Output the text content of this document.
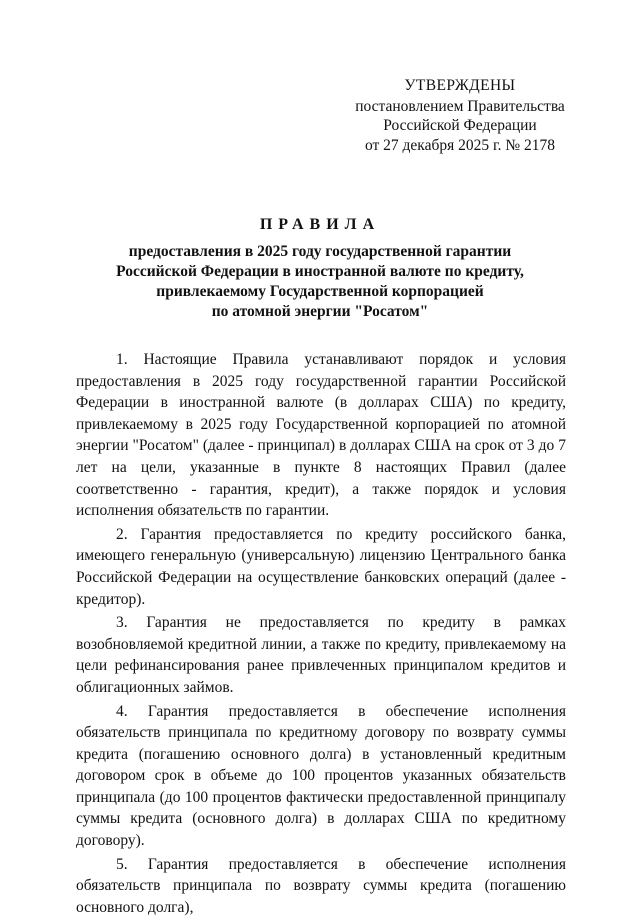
УТВЕРЖДЕНЫ
постановлением Правительства
Российской Федерации
от 27 декабря 2025 г. № 2178
ПРАВИЛА
предоставления в 2025 году государственной гарантии
Российской Федерации в иностранной валюте по кредиту,
привлекаемому Государственной корпорацией
по атомной энергии "Росатом"

1. Настоящие Правила устанавливают порядок и условия предоставления в 2025 году государственной гарантии Российской Федерации в иностранной валюте (в долларах США) по кредиту, привлекаемому в 2025 году Государственной корпорацией по атомной энергии "Росатом" (далее - принципал) в долларах США на срок от 3 до 7 лет на цели, указанные в пункте 8 настоящих Правил (далее соответственно - гарантия, кредит), а также порядок и условия исполнения обязательств по гарантии.

2. Гарантия предоставляется по кредиту российского банка, имеющего генеральную (универсальную) лицензию Центрального банка Российской Федерации на осуществление банковских операций (далее - кредитор).

3. Гарантия не предоставляется по кредиту в рамках возобновляемой кредитной линии, а также по кредиту, привлекаемому на цели рефинансирования ранее привлеченных принципалом кредитов и облигационных займов.

4. Гарантия предоставляется в обеспечение исполнения обязательств принципала по кредитному договору по возврату суммы кредита (погашению основного долга) в установленный кредитным договором срок в объеме до 100 процентов указанных обязательств принципала (до 100 процентов фактически предоставленной принципалу суммы кредита (основного долга) в долларах США по кредитному договору).

5. Гарантия предоставляется в обеспечение исполнения обязательств принципала по возврату суммы кредита (погашению основного долга),
